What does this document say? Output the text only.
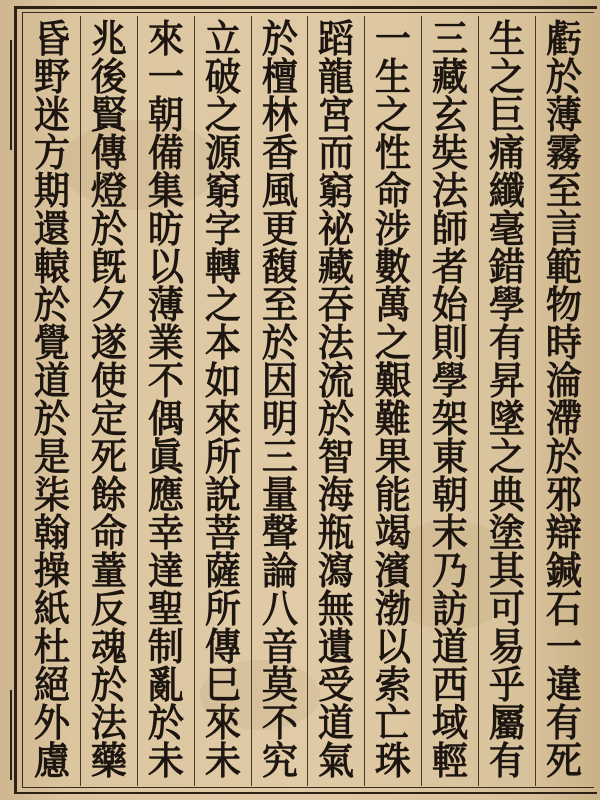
虧
於
薄
霧
至
言
範
物
時
淪
滯
於
邪
辯
鍼
石
一
違
有
死
生
之
巨
痛
纖
毫
錯
學
有
昇
墜
之
典
塗
其
可
易
乎
屬
有
三
藏
玄
奘
法
師
者
始
則
學
架
東
朝
末
乃
訪
道
西
域
輕
一
生
之
性
命
涉
數
萬
之
艱
難
果
能
竭
濱
渤
以
索
亡
珠
蹈
龍
宮
而
窮
祕
藏
吞
法
流
於
智
海
瓶
瀉
無
遺
受
道
氣
於
檀
林
香
風
更
馥
至
於
因
明
三
量
聲
論
八
音
莫
不
究
立
破
之
源
窮
字
轉
之
本
如
來
所
說
菩
薩
所
傳
巳
來
未
來
一
朝
備
集
昉
以
薄
業
不
偶
眞
應
幸
達
聖
制
亂
於
未
兆
後
賢
傳
燈
於
旣
夕
遂
使
定
死
餘
命
蕫
反
魂
於
法
藥
昏
野
迷
方
期
還
轅
於
覺
道
於
是
柒
翰
操
紙
杜
絕
外
慮
